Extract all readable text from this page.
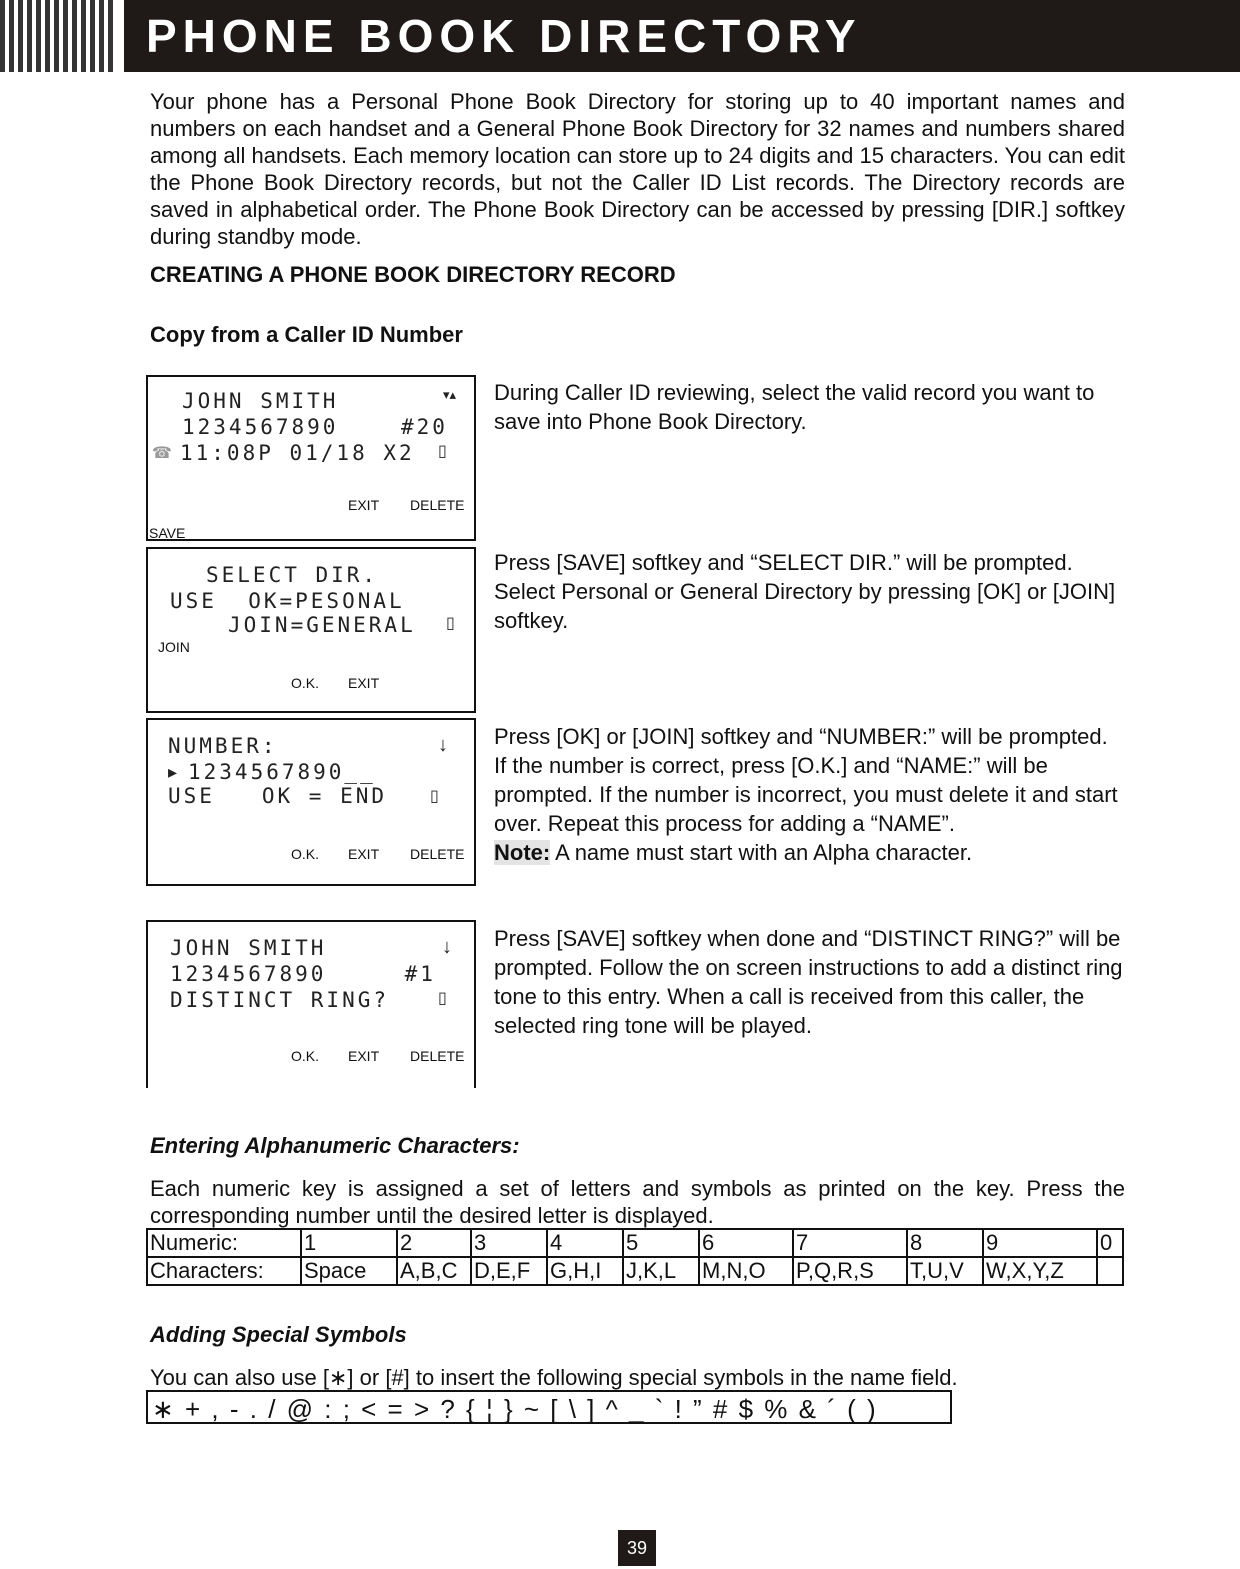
PHONE BOOK DIRECTORY
Your phone has a Personal Phone Book Directory for storing up to 40 important names and numbers on each handset and a General Phone Book Directory for 32 names and numbers shared among all handsets. Each memory location can store up to 24 digits and 15 characters. You can edit the Phone Book Directory records, but not the Caller ID List records. The Directory records are saved in alphabetical order. The Phone Book Directory can be accessed by pressing [DIR.] softkey during standby mode.
CREATING A PHONE BOOK DIRECTORY RECORD
Copy from a Caller ID Number
JOHN SMITH
1234567890    #20
11:08P 01/18 X2
▾▴
▯
☎
EXIT DELETE
SAVE
During Caller ID reviewing, select the valid record you want to save into Phone Book Directory.
SELECT DIR.
USE  OK=PESONAL
JOIN=GENERAL ▯
JOIN
O.K. EXIT
Press [SAVE] softkey and “SELECT DIR.” will be prompted. Select Personal or General Directory by pressing [OK] or [JOIN] softkey.
NUMBER:
1234567890__
USE   OK = END
↓
▸
▯
O.K. EXIT DELETE
Press [OK] or [JOIN] softkey and “NUMBER:” will be prompted. If the number is correct, press [O.K.] and “NAME:” will be prompted. If the number is incorrect, you must delete it and start over. Repeat this process for adding a “NAME”.
Note: A name must start with an Alpha character.
JOHN SMITH
1234567890     #1
DISTINCT RING?
↓
▯
O.K. EXIT DELETE
Press [SAVE] softkey when done and “DISTINCT RING?” will be prompted. Follow the on screen instructions to add a distinct ring tone to this entry. When a call is received from this caller, the selected ring tone will be played.
Entering Alphanumeric Characters:
Each numeric key is assigned a set of letters and symbols as printed on the key. Press the corresponding number until the desired letter is displayed.
Numeric:	1	2	3	4	5	6	7	8	9	0
Characters:	Space	A,B,C	D,E,F	G,H,I	J,K,L	M,N,O	P,Q,R,S	T,U,V	W,X,Y,Z	
Adding Special Symbols
You can also use [∗] or [#] to insert the following special symbols in the name field.
∗ + , - . / @ : ; < = > ? { ¦ } ~ [ \ ] ^ _ ` ! ” # $ % & ´ ( )
39
